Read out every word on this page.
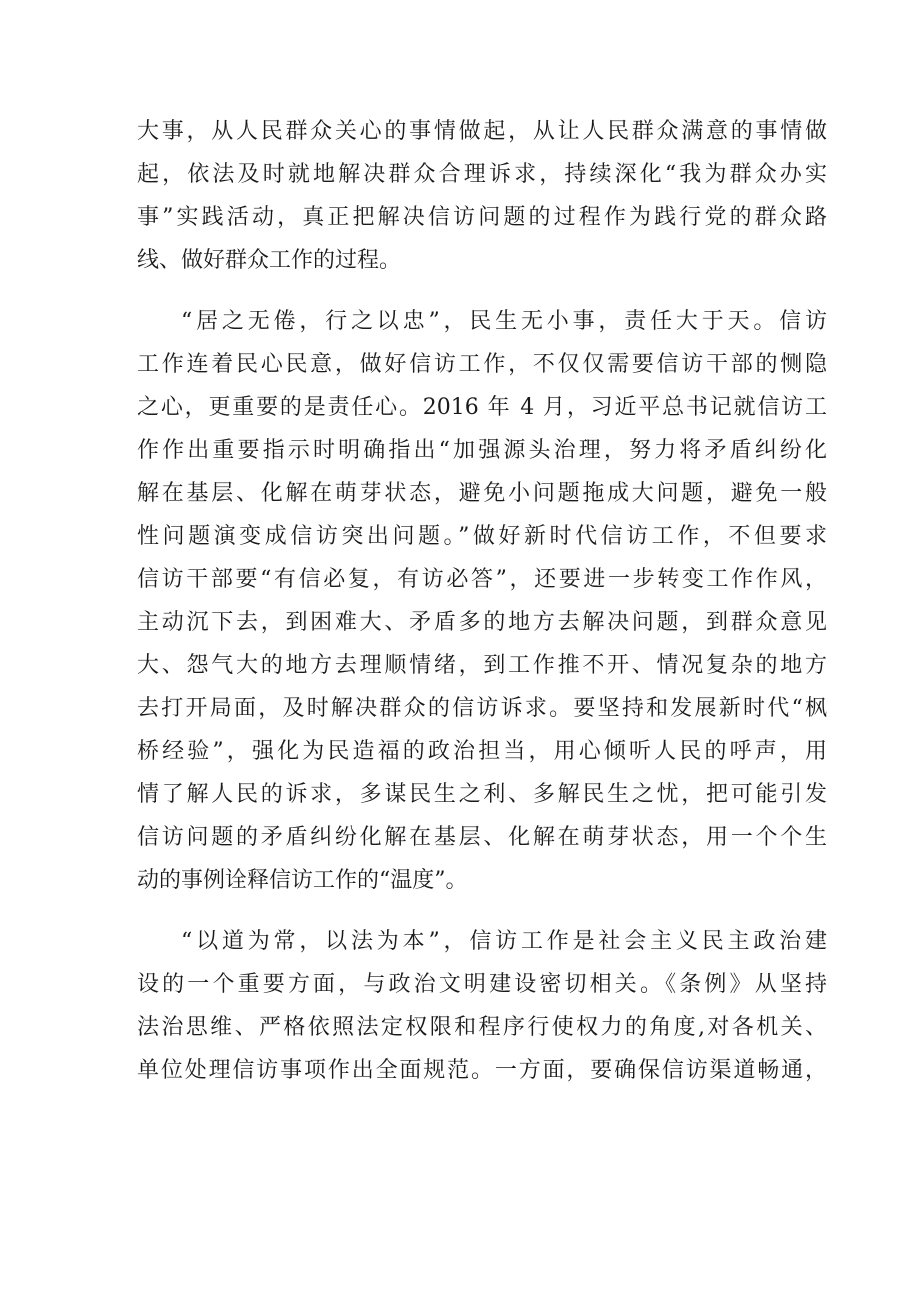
大事，从人民群众关心的事情做起，从让人民群众满意的事情做
起，依法及时就地解决群众合理诉求，持续深化“我为群众办实
事”实践活动，真正把解决信访问题的过程作为践行党的群众路
线、做好群众工作的过程。
“居之无倦，行之以忠”，民生无小事，责任大于天。信访
工作连着民心民意，做好信访工作，不仅仅需要信访干部的恻隐
之心，更重要的是责任心。2016 年 4 月，习近平总书记就信访工
作作出重要指示时明确指出“加强源头治理，努力将矛盾纠纷化
解在基层、化解在萌芽状态，避免小问题拖成大问题，避免一般
性问题演变成信访突出问题。”做好新时代信访工作，不但要求
信访干部要“有信必复，有访必答”，还要进一步转变工作作风，
主动沉下去，到困难大、矛盾多的地方去解决问题，到群众意见
大、怨气大的地方去理顺情绪，到工作推不开、情况复杂的地方
去打开局面，及时解决群众的信访诉求。要坚持和发展新时代“枫
桥经验”，强化为民造福的政治担当，用心倾听人民的呼声，用
情了解人民的诉求，多谋民生之利、多解民生之忧，把可能引发
信访问题的矛盾纠纷化解在基层、化解在萌芽状态，用一个个生
动的事例诠释信访工作的“温度”。
“以道为常，以法为本”，信访工作是社会主义民主政治建
设的一个重要方面，与政治文明建设密切相关。《条例》从坚持
法治思维、严格依照法定权限和程序行使权力的角度,对各机关、
单位处理信访事项作出全面规范。一方面，要确保信访渠道畅通，
